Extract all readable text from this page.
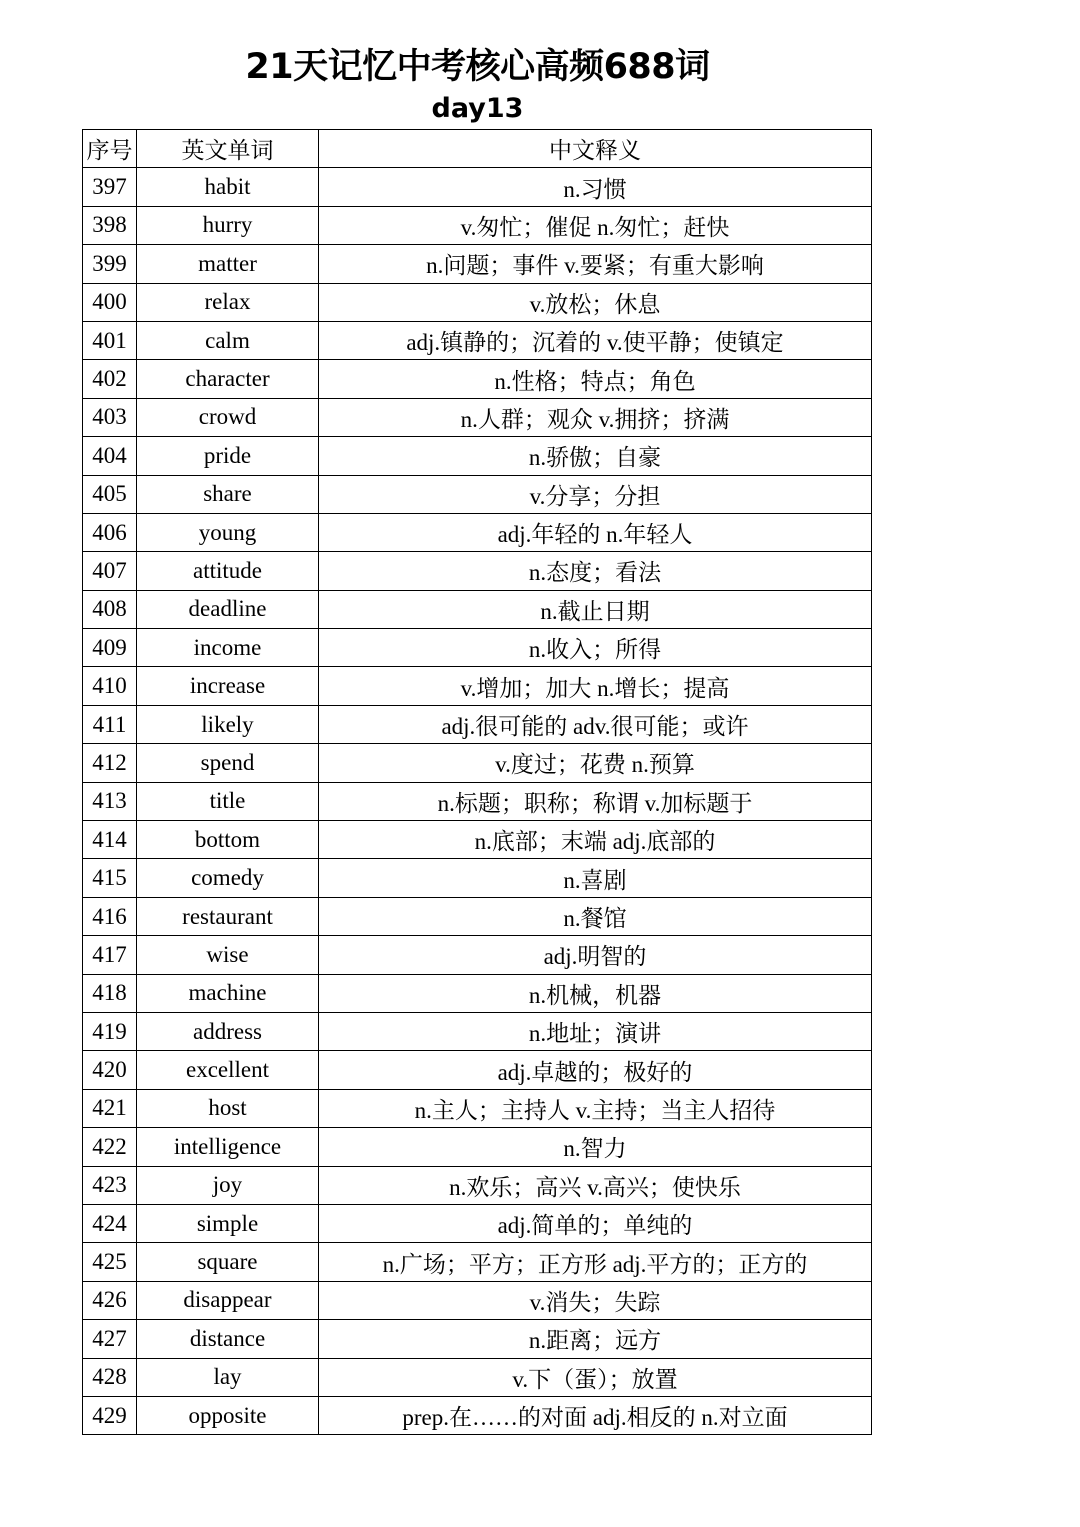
21天记忆中考核心高频688词
day13
序号	英文单词	中文释义
397	habit	n.习惯
398	hurry	v.匆忙；催促 n.匆忙；赶快
399	matter	n.问题；事件 v.要紧；有重大影响
400	relax	v.放松；休息
401	calm	adj.镇静的；沉着的 v.使平静；使镇定
402	character	n.性格；特点；角色
403	crowd	n.人群；观众 v.拥挤；挤满
404	pride	n.骄傲；自豪
405	share	v.分享；分担
406	young	adj.年轻的 n.年轻人
407	attitude	n.态度；看法
408	deadline	n.截止日期
409	income	n.收入；所得
410	increase	v.增加；加大 n.增长；提高
411	likely	adj.很可能的 adv.很可能；或许
412	spend	v.度过；花费 n.预算
413	title	n.标题；职称；称谓 v.加标题于
414	bottom	n.底部；末端 adj.底部的
415	comedy	n.喜剧
416	restaurant	n.餐馆
417	wise	adj.明智的
418	machine	n.机械，机器
419	address	n.地址；演讲
420	excellent	adj.卓越的；极好的
421	host	n.主人；主持人 v.主持；当主人招待
422	intelligence	n.智力
423	joy	n.欢乐；高兴 v.高兴；使快乐
424	simple	adj.简单的；单纯的
425	square	n.广场；平方；正方形 adj.平方的；正方的
426	disappear	v.消失；失踪
427	distance	n.距离；远方
428	lay	v.下（蛋）；放置
429	opposite	prep.在……的对面 adj.相反的 n.对立面
